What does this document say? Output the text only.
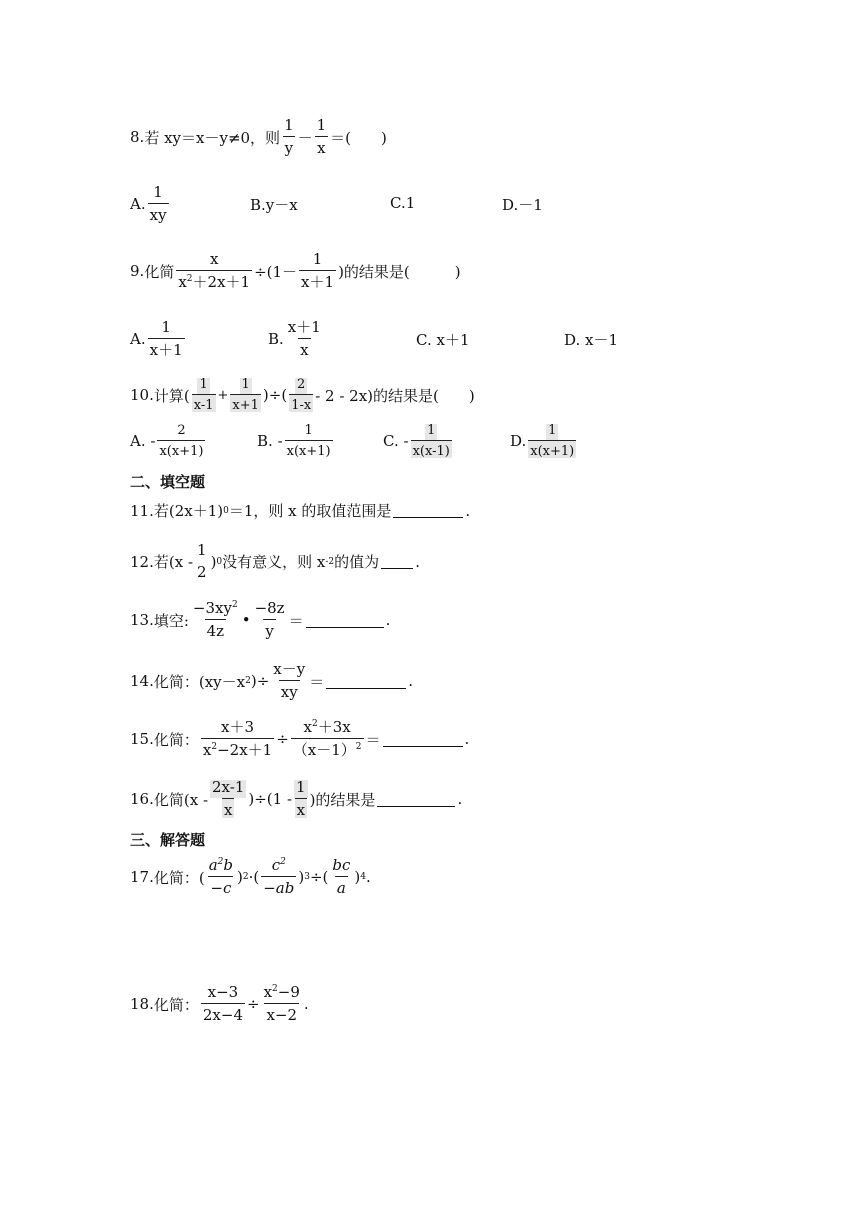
8. 若 xy＝x－y≠0，则 $\frac{1}{y} - \frac{1}{x}$ ＝(　　)
A. $\frac{1}{xy}$	B. y－x	C. 1	D. －1
9. 化简 $\frac{x}{x^2+2x+1} \div(1- \frac{1}{x+1}$ )的结果是(　　　)
A. $\frac{1}{x+1}$	B. $\frac{x+1}{x}$	C.
x＋1	D.
x－1
10. 计算( $\frac{1}{x-1} + \frac{1}{x+1}$ )÷( $\frac{2}{1-x} - 2 - 2x$)的结果是(　　)
A.
- $\frac{2}{x(x+1)}$	B.
- $\frac{1}{x(x+1)}$	C.
- $\frac{1}{x(x-1)}$	D. $\frac{1}{x(x+1)}$
二、填空题
11. 若(2x＋1) 0 ＝1，则 x 的取值范围是	.
12. 若(x -
1
2
) 0 没有意义，则 x -2 的值为 .
13. 填空: $\frac{-3xy^2}{4z}$ • $\frac{-8z}{y}$ ＝	.
14. 化简：(xy－x 2 )÷ $\frac{x-y}{xy}$ ＝	.
15. 化简： $\frac{x+3}{x^2-2x+1} \div \frac{x^2+3x}{(x-1)^2}$ ＝	.
16. 化简$(x - \frac{2x-1}{x} )\div(1 - \frac{1}{x}$ )的结果是	.
三、解答题
17. 化简：( $\frac{a^2b}{-c}$ ) 2 ·( $\frac{c^2}{-ab}$ ) 3 ÷( $\frac{bc}{a}$ ) 4 .
18. 化简： $\frac{x-3}{2x-4} \div \frac{x^2-9}{x-2}$ .
